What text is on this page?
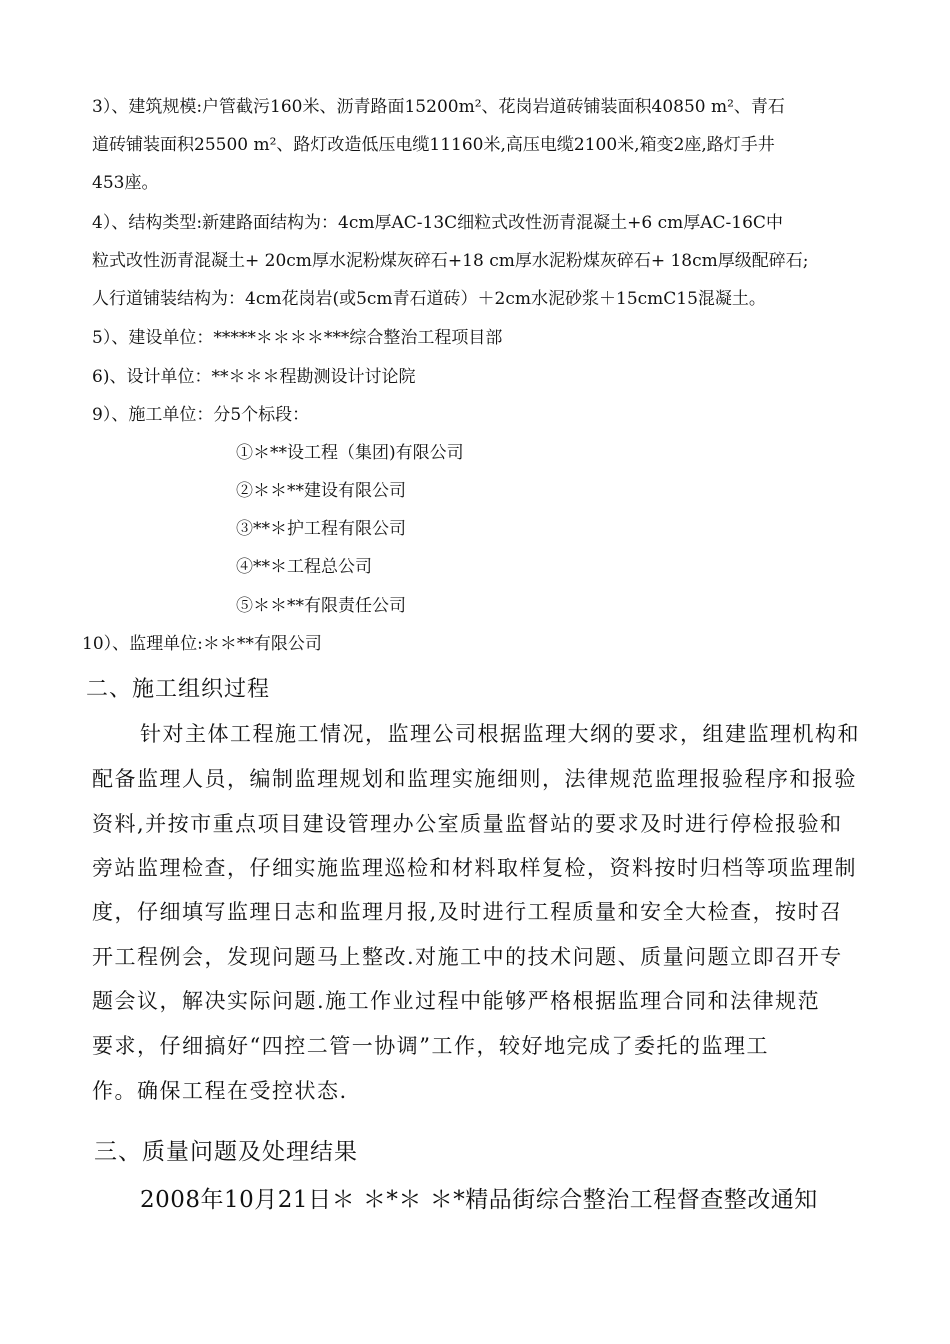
3）、建筑规模:户管截污160米、沥青路面15200m²、花岗岩道砖铺装面积40850 m²、青石
道砖铺装面积25500 m²、路灯改造低压电缆11160米,高压电缆2100米,箱变2座,路灯手井
453座。
4）、结构类型:新建路面结构为：4cm厚AC-13C细粒式改性沥青混凝土+6 cm厚AC-16C中
粒式改性沥青混凝土+ 20cm厚水泥粉煤灰碎石+18 cm厚水泥粉煤灰碎石+ 18cm厚级配碎石;
人行道铺装结构为：4cm花岗岩(或5cm青石道砖）＋2cm水泥砂浆＋15cmC15混凝土。
5）、建设单位：*****＊＊＊＊***综合整治工程项目部
6)、设计单位：**＊＊＊程勘测设计讨论院
9）、施工单位：分5个标段：
①＊**设工程（集团)有限公司
②＊＊**建设有限公司
③**＊护工程有限公司
④**＊工程总公司
⑤＊＊**有限责任公司
10）、监理单位:＊＊**有限公司
二、施工组织过程
针对主体工程施工情况，监理公司根据监理大纲的要求，组建监理机构和
配备监理人员，编制监理规划和监理实施细则，法律规范监理报验程序和报验
资料,并按市重点项目建设管理办公室质量监督站的要求及时进行停检报验和
旁站监理检查，仔细实施监理巡检和材料取样复检，资料按时归档等项监理制
度，仔细填写监理日志和监理月报,及时进行工程质量和安全大检查，按时召
开工程例会，发现问题马上整改.对施工中的技术问题、质量问题立即召开专
题会议，解决实际问题.施工作业过程中能够严格根据监理合同和法律规范
要求，仔细搞好“四控二管一协调”工作，较好地完成了委托的监理工
作。确保工程在受控状态.
三、质量问题及处理结果
2008年10月21日＊ ＊*＊ ＊*精品街综合整治工程督查整改通知
